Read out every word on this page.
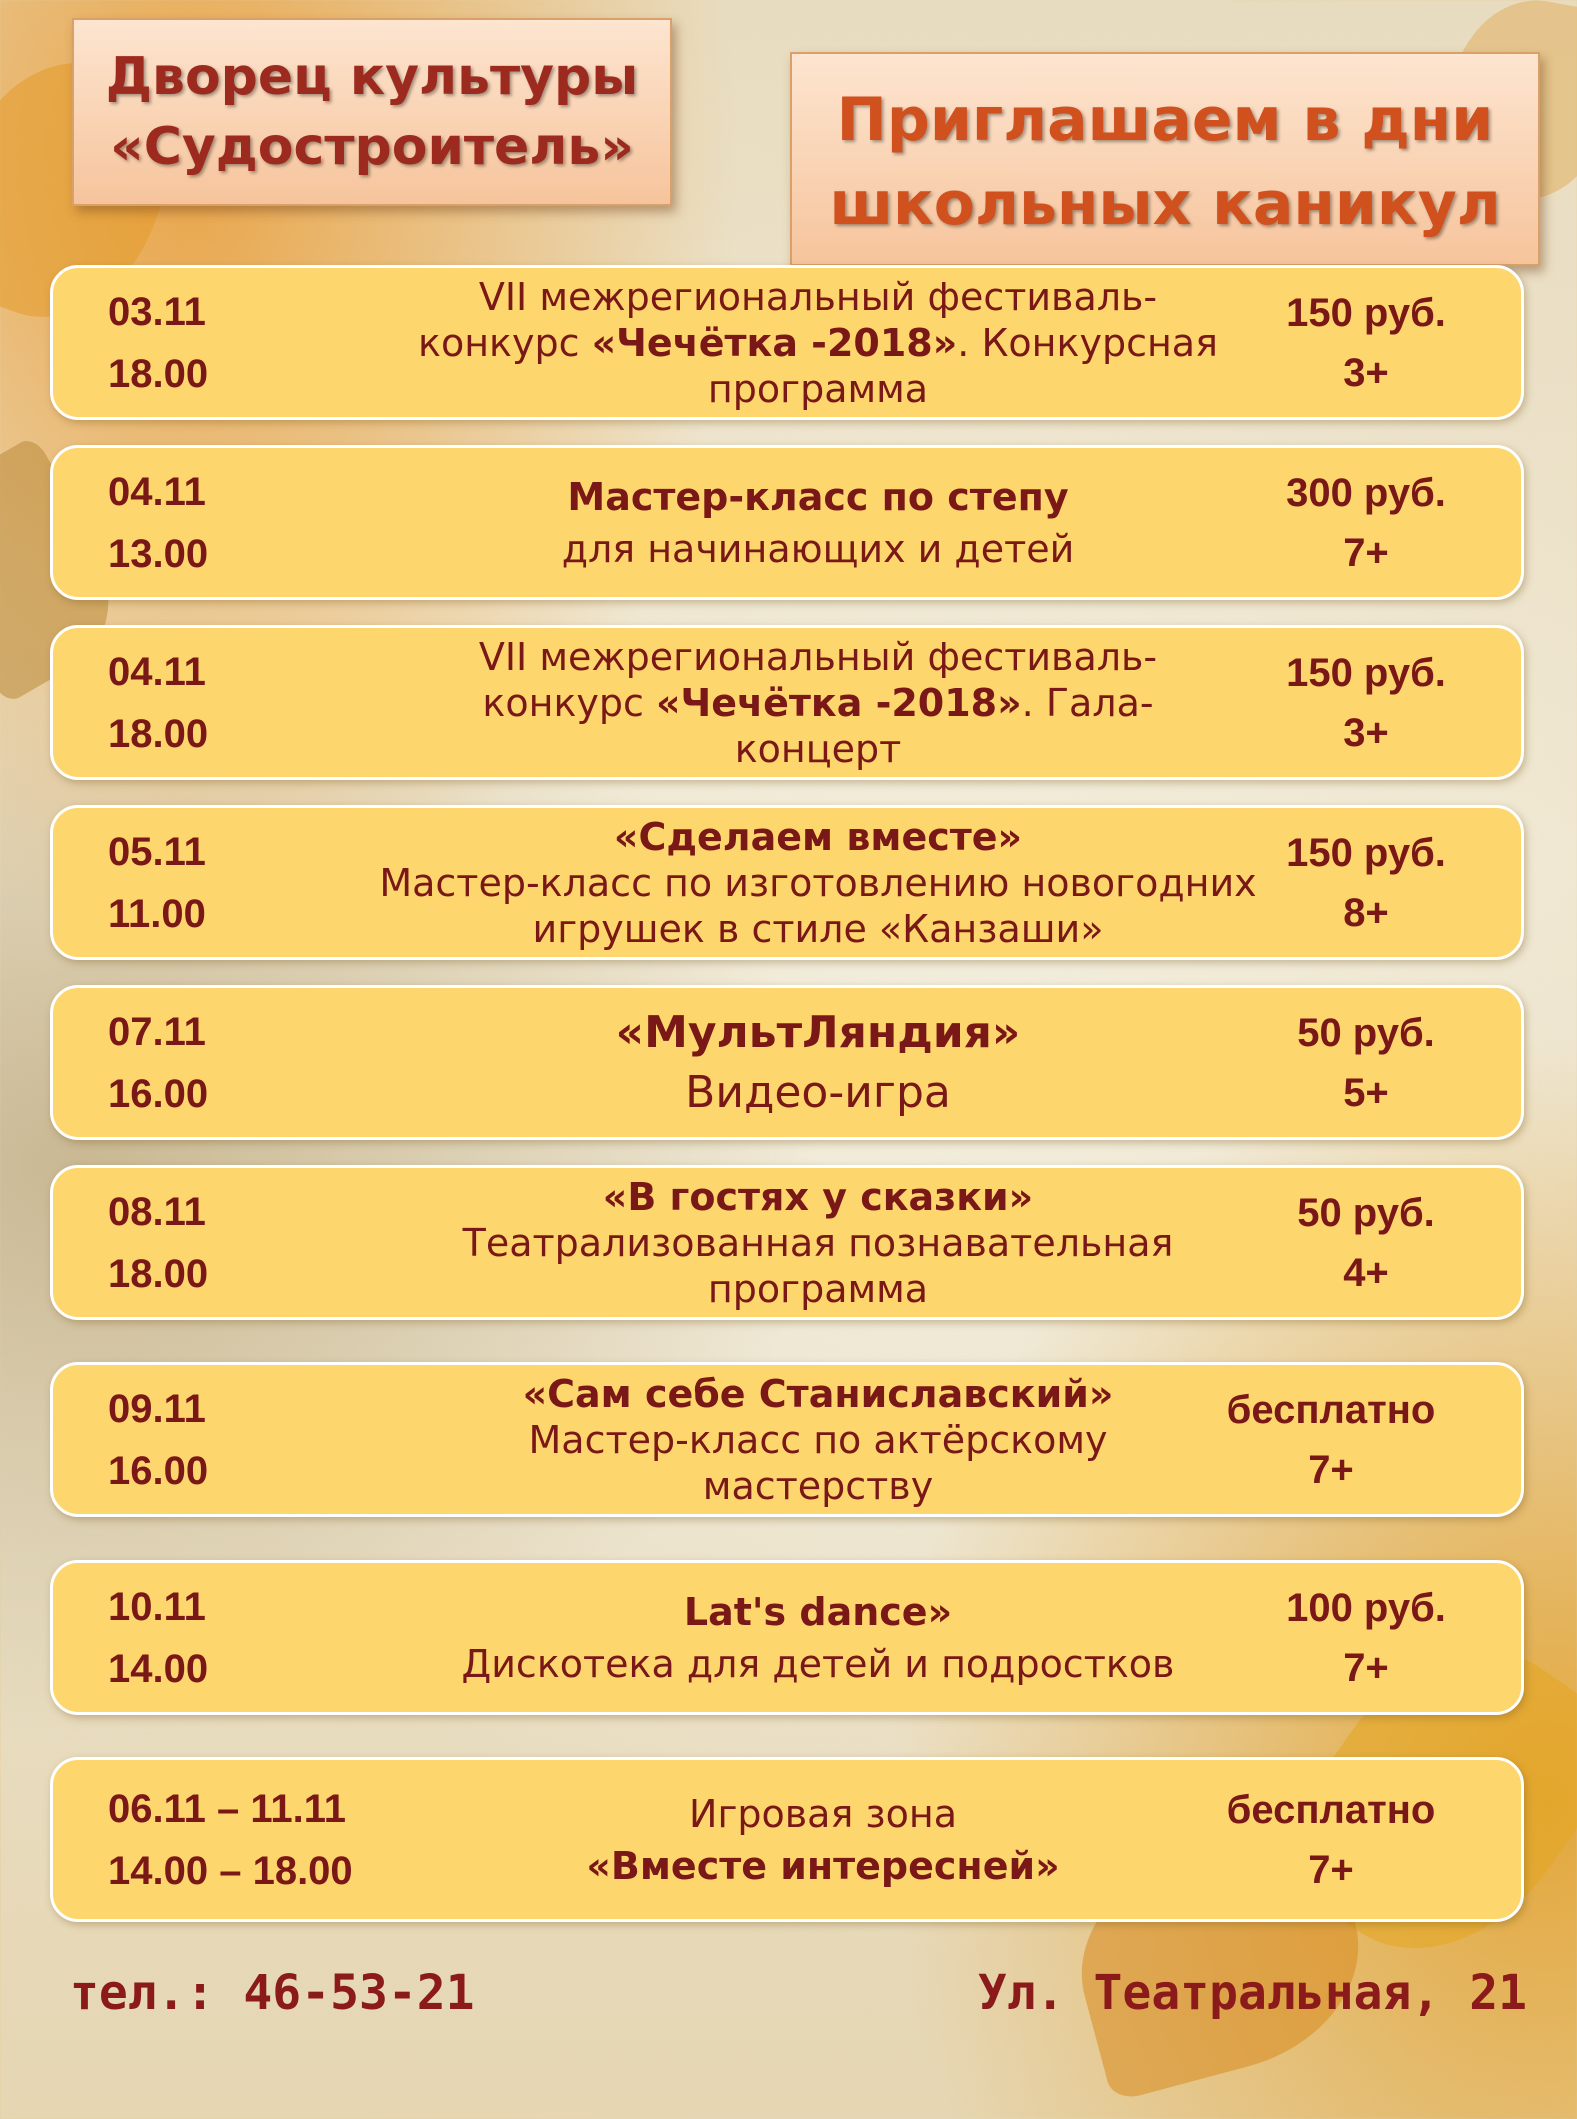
Дворец культуры
«Судостроитель»	Приглашаем в дни
школьных каникул
03.11
18.00
VII межрегиональный фестиваль-
конкурс «Чечётка -2018». Конкурсная
программа
150 руб.
3+
04.11
13.00
Мастер-класс по степу
для начинающих и детей
300 руб.
7+
04.11
18.00
VII межрегиональный фестиваль-
конкурс «Чечётка -2018». Гала-
концерт
150 руб.
3+
05.11
11.00
«Сделаем вместе»
Мастер-класс по изготовлению новогодних
игрушек в стиле «Канзаши»
150 руб.
8+
07.11
16.00
«МультЛяндия»
Видео-игра
50 руб.
5+
08.11
18.00
«В гостях у сказки»
Театрализованная познавательная
программа
50 руб.
4+
09.11
16.00
«Сам себе Станиславский»
Мастер-класс по актёрскому
мастерству
бесплатно
7+
10.11
14.00
Lat's dance»
Дискотека для детей и подростков
100 руб.
7+
06.11 – 11.11
14.00 – 18.00
Игровая зона
«Вместе интересней»
бесплатно
7+
тел.: 46-53-21	Ул. Театральная, 21
